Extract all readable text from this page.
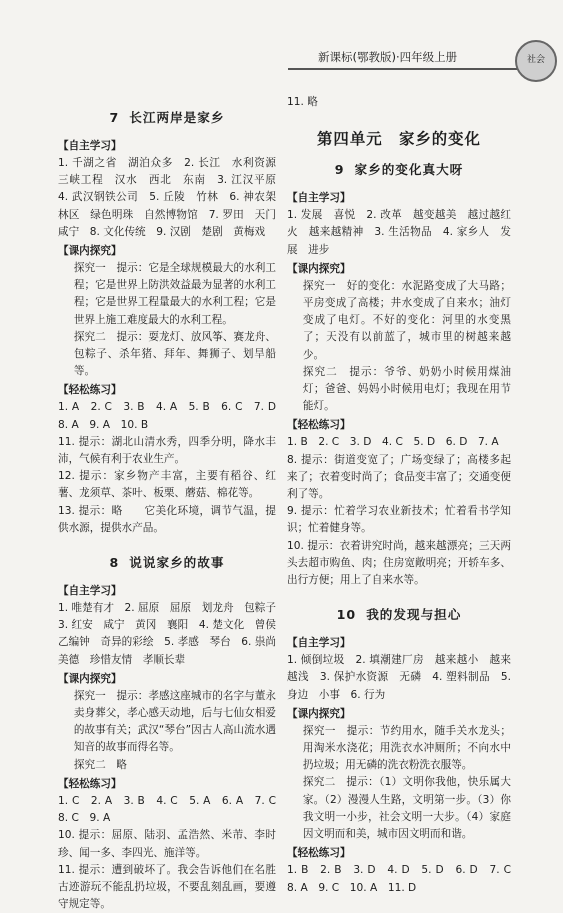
新课标(鄂教版)·四年级上册	社会
7 长江两岸是家乡
【自主学习】
1. 千湖之省　湖泊众多　2. 长江　水利资源　三峡工程　汉水　西北　东南　3. 江汉平原　4. 武汉钢铁公司　5. 丘陵　竹林　6. 神农架林区　绿色明珠　自然博物馆　7. 罗田　天门　咸宁　8. 文化传统　9. 汉剧　楚剧　黄梅戏
【课内探究】
探究一　提示：它是全球规模最大的水利工程；它是世界上防洪效益最为显著的水利工程；它是世界工程量最大的水利工程；它是世界上施工难度最大的水利工程。
探究二　提示：耍龙灯、放风筝、赛龙舟、包粽子、杀年猪、拜年、舞狮子、划旱船等。
【轻松练习】
1. A　2. C　3. B　4. A　5. B　6. C　7. D　8. A　9. A　10. B
11. 提示：湖北山清水秀，四季分明，降水丰沛，气候有利于农业生产。
12. 提示：家乡物产丰富，主要有稻谷、红薯、龙须草、茶叶、板栗、蘑菇、棉花等。
13. 提示：略　　它美化环境，调节气温，提供水源，提供水产品。
8 说说家乡的故事
【自主学习】
1. 唯楚有才　2. 屈原　屈原　划龙舟　包粽子　3. 红安　咸宁　黄冈　襄阳　4. 楚文化　曾侯乙编钟　奇异的彩绘　5. 孝感　琴台　6. 祟尚美德　珍惜友情　孝顺长辈
【课内探究】
探究一　提示：孝感这座城市的名字与董永卖身葬父，孝心感天动地，后与七仙女相爱的故事有关；武汉“琴台”因古人高山流水遇知音的故事而得名等。
探究二　略
【轻松练习】
1. C　2. A　3. B　4. C　5. A　6. A　7. C　8. C　9. A
10. 提示：屈原、陆羽、孟浩然、米芾、李时珍、闻一多、李四光、施洋等。
11. 提示：遭到破坏了。我会告诉他们在名胜古迹游玩不能乱扔垃圾，不要乱刻乱画，要遵守规定等。
11. 略
第四单元　家乡的变化
9 家乡的变化真大呀
【自主学习】
1. 发展　喜悦　2. 改革　越变越美　越过越红火　越来越精神　3. 生活物品　4. 家乡人　发展　进步
【课内探究】
探究一　好的变化：水泥路变成了大马路；平房变成了高楼；井水变成了自来水；油灯变成了电灯。不好的变化：河里的水变黑了；天没有以前蓝了，城市里的树越来越少。
探究二　提示：爷爷、奶奶小时候用煤油灯；爸爸、妈妈小时候用电灯；我现在用节能灯。
【轻松练习】
1. B　2. C　3. D　4. C　5. D　6. D　7. A
8. 提示：街道变宽了；广场变绿了；高楼多起来了；衣着变时尚了；食品变丰富了；交通变便利了等。
9. 提示：忙着学习农业新技术；忙着看书学知识；忙着健身等。
10. 提示：衣着讲究时尚，越来越漂亮；三天两头去超市购鱼、肉；住房宽敞明亮；开轿车多、出行方便；用上了自来水等。
10 我的发现与担心
【自主学习】
1. 倾倒垃圾　2. 填潮建厂房　越来越小　越来越浅　3. 保护水资源　无磷　4. 塑料制品　5. 身边　小事　6. 行为
【课内探究】
探究一　提示：节约用水，随手关水龙头；用淘米水浇花；用洗衣水冲厕所；不向水中扔垃圾；用无磷的洗衣粉洗衣服等。
探究二　提示：（1）文明你我他，快乐属大家。（2）漫漫人生路，文明第一步。（3）你我文明一小步，社会文明一大步。（4）家庭因文明而和美，城市因文明而和谐。
【轻松练习】
1. B　2. B　3. D　4. D　5. D　6. D　7. C　8. A　9. C　10. A　11. D
